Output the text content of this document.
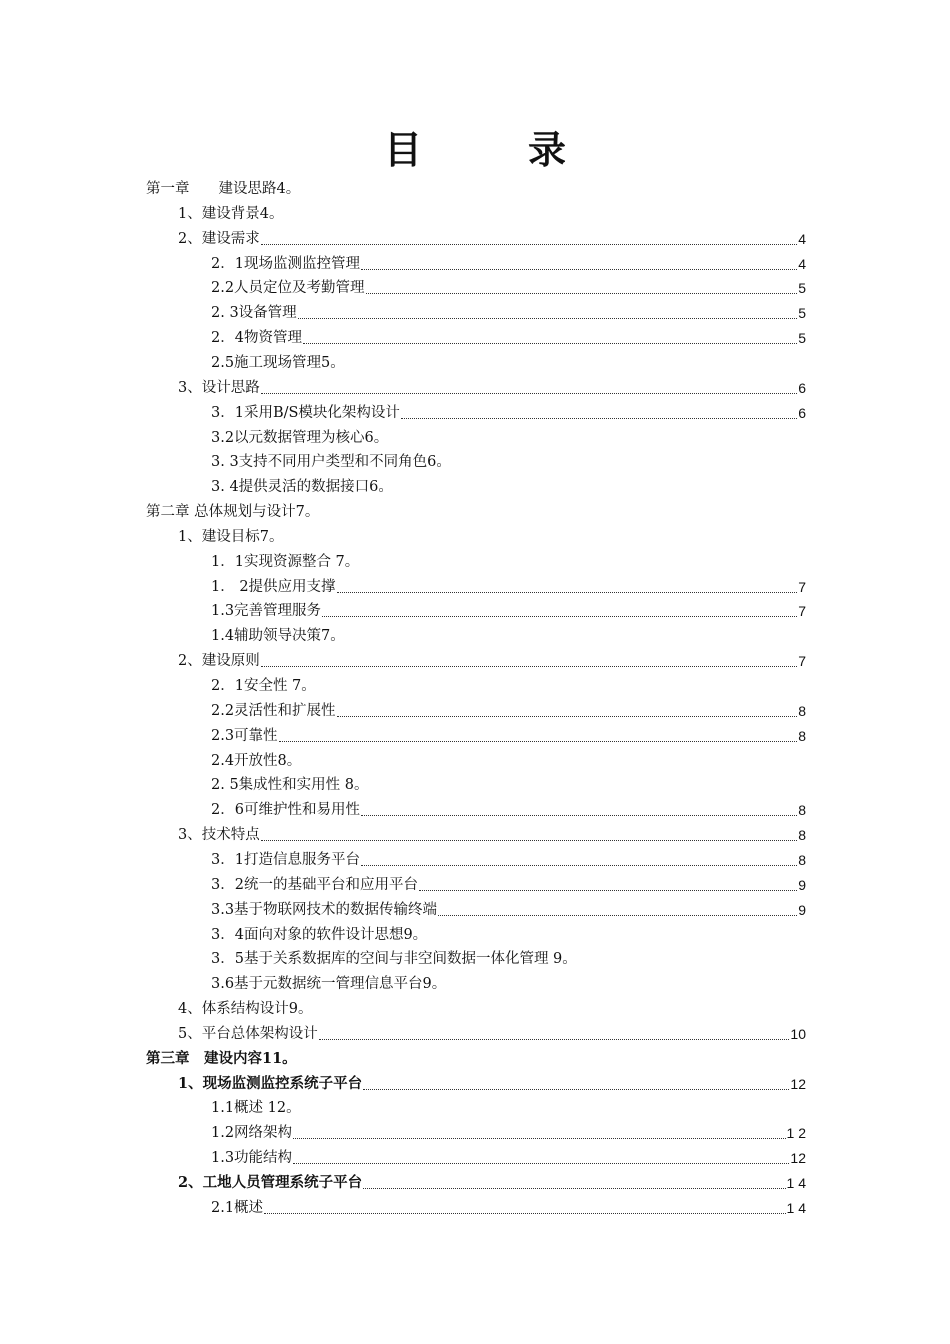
目　录
第一章　　建设思路4。
1、建设背景4。
2、建设需求	4
2．1现场监测监控管理	4
2.2人员定位及考勤管理	5
2. 3设备管理	5
2．4物资管理	5
2.5施工现场管理5。
3、设计思路	6
3．1采用B/S模块化架构设计	6
3.2以元数据管理为核心6。
3. 3支持不同用户类型和不同角色6。
3. 4提供灵活的数据接口6。
第二章 总体规划与设计7。
1、建设目标7。
1．1实现资源整合 7。
1． 2提供应用支撑	7
1.3完善管理服务	7
1.4辅助领导决策7。
2、建设原则	7
2．1安全性 7。
2.2灵活性和扩展性	8
2.3可靠性	8
2.4开放性8。
2. 5集成性和实用性 8。
2．6可维护性和易用性	8
3、技术特点	8
3．1打造信息服务平台	8
3．2统一的基础平台和应用平台	9
3.3基于物联网技术的数据传输终端	9
3．4面向对象的软件设计思想9。
3．5基于关系数据库的空间与非空间数据一体化管理 9。
3.6基于元数据统一管理信息平台9。
4、体系结构设计9。
5、平台总体架构设计	10
第三章　建设内容11。
1、现场监测监控系统子平台	12
1.1概述 12。
1.2网络架构	1 2
1.3功能结构	12
2、工地人员管理系统子平台	1 4
2.1概述	1 4
